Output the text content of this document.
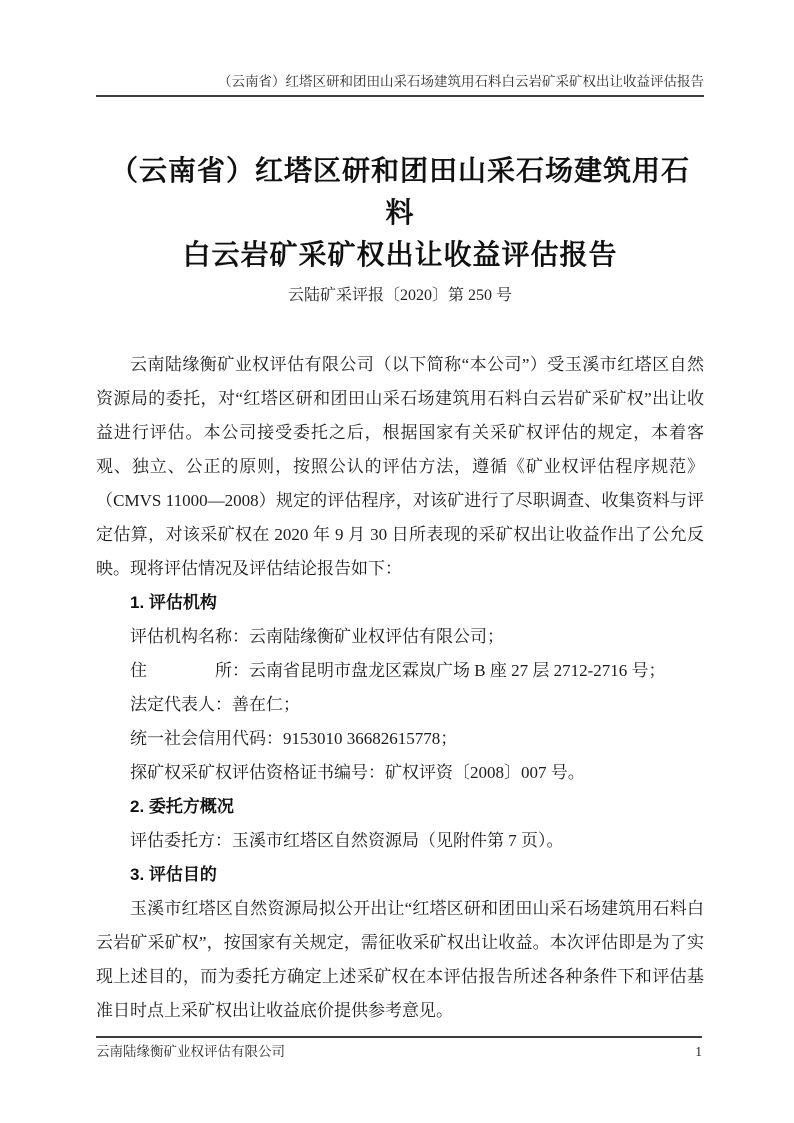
（云南省）红塔区研和团田山采石场建筑用石料白云岩矿采矿权出让收益评估报告
（云南省）红塔区研和团田山采石场建筑用石料
白云岩矿采矿权出让收益评估报告
云陆矿采评报〔2020〕第 250 号

云南陆缘衡矿业权评估有限公司（以下简称“本公司”）受玉溪市红塔区自然资源局的委托，对“红塔区研和团田山采石场建筑用石料白云岩矿采矿权”出让收益进行评估。本公司接受委托之后，根据国家有关采矿权评估的规定，本着客观、独立、公正的原则，按照公认的评估方法，遵循《矿业权评估程序规范》（CMVS 11000—2008）规定的评估程序，对该矿进行了尽职调查、收集资料与评定估算，对该采矿权在 2020 年 9 月 30 日所表现的采矿权出让收益作出了公允反映。现将评估情况及评估结论报告如下：

1. 评估机构

评估机构名称：云南陆缘衡矿业权评估有限公司；

住　　　　所：云南省昆明市盘龙区霖岚广场 B 座 27 层 2712-2716 号；

法定代表人：善在仁；

统一社会信用代码：9153010 36682615778；

探矿权采矿权评估资格证书编号：矿权评资〔2008〕007 号。

2. 委托方概况

评估委托方：玉溪市红塔区自然资源局（见附件第 7 页）。

3. 评估目的

玉溪市红塔区自然资源局拟公开出让“红塔区研和团田山采石场建筑用石料白云岩矿采矿权”，按国家有关规定，需征收采矿权出让收益。本次评估即是为了实现上述目的，而为委托方确定上述采矿权在本评估报告所述各种条件下和评估基准日时点上采矿权出让收益底价提供参考意见。

云南陆缘衡矿业权评估有限公司	1
